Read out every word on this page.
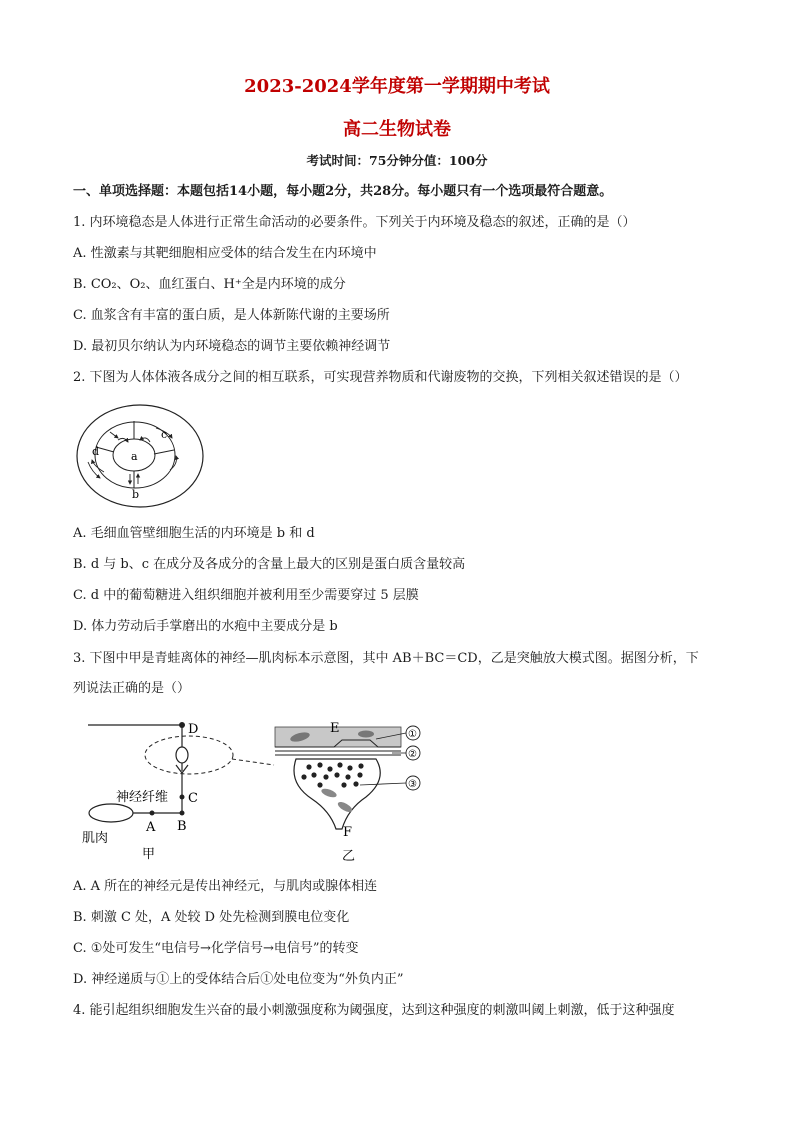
2023-2024学年度第一学期期中考试
高二生物试卷
考试时间：75分钟分值：100分
一、单项选择题：本题包括14小题，每小题2分，共28分。每小题只有一个选项最符合题意。
1. 内环境稳态是人体进行正常生命活动的必要条件。下列关于内环境及稳态的叙述，正确的是（）
A. 性激素与其靶细胞相应受体的结合发生在内环境中
B. CO₂、O₂、血红蛋白、H⁺全是内环境的成分
C. 血浆含有丰富的蛋白质，是人体新陈代谢的主要场所
D. 最初贝尔纳认为内环境稳态的调节主要依赖神经调节
2. 下图为人体体液各成分之间的相互联系，可实现营养物质和代谢废物的交换，下列相关叙述错误的是（）
a
b
c
d
A. 毛细血管壁细胞生活的内环境是 b 和 d
B. d 与 b、c 在成分及各成分的含量上最大的区别是蛋白质含量较高
C. d 中的葡萄糖进入组织细胞并被利用至少需要穿过 5 层膜
D. 体力劳动后手掌磨出的水疱中主要成分是 b
3. 下图中甲是青蛙离体的神经—肌肉标本示意图，其中 AB＋BC＝CD，乙是突触放大模式图。据图分析，下
列说法正确的是（）
D
C
B
A
神经纤维
肌肉
甲
①
②
③
E
F
乙
A. A 所在的神经元是传出神经元，与肌肉或腺体相连
B. 刺激 C 处，A 处较 D 处先检测到膜电位变化
C. ①处可发生“电信号→化学信号→电信号”的转变
D. 神经递质与①上的受体结合后①处电位变为“外负内正”
4. 能引起组织细胞发生兴奋的最小刺激强度称为阈强度，达到这种强度的刺激叫阈上刺激，低于这种强度
